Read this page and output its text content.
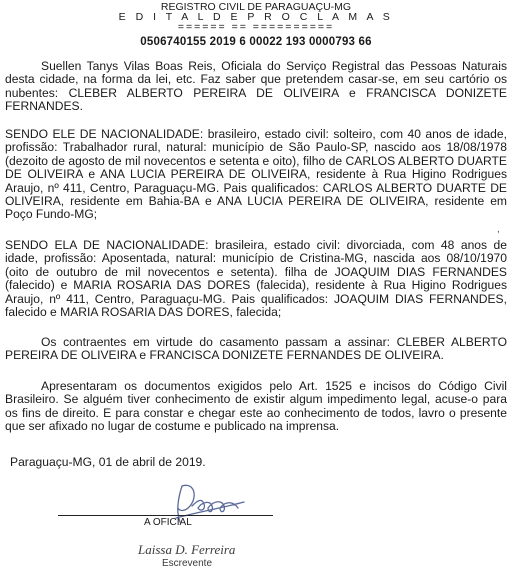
REGISTRO CIVIL DE PARAGUAÇU-MG
E D I T A L D E P R O C L A M A S
====== == ==========
0506740155 2019 6 00022 193 0000793 66

Suellen Tanys Vilas Boas Reis, Oficiala do Serviço Registral das Pessoas Naturais desta cidade, na forma da lei, etc. Faz saber que pretendem casar-se, em seu cartório os nubentes: CLEBER ALBERTO PEREIRA DE OLIVEIRA e FRANCISCA DONIZETE FERNANDES.

SENDO ELE DE NACIONALIDADE: brasileiro, estado civil: solteiro, com 40 anos de idade, profissão: Trabalhador rural, natural: município de São Paulo-SP, nascido aos 18/08/1978 (dezoito de agosto de mil novecentos e setenta e oito), filho de CARLOS ALBERTO DUARTE DE OLIVEIRA e ANA LUCIA PEREIRA DE OLIVEIRA, residente à Rua Higino Rodrigues Araujo, nº 411, Centro, Paraguaçu-MG. Pais qualificados: CARLOS ALBERTO DUARTE DE OLIVEIRA, residente em Bahia-BA e ANA LUCIA PEREIRA DE OLIVEIRA, residente em Poço Fundo-MG;

,

SENDO ELA DE NACIONALIDADE: brasileira, estado civil: divorciada, com 48 anos de idade, profissão: Aposentada, natural: município de Cristina-MG, nascida aos 08/10/1970 (oito de outubro de mil novecentos e setenta). filha de JOAQUIM DIAS FERNANDES (falecido) e MARIA ROSARIA DAS DORES (falecida), residente à Rua Higino Rodrigues Araujo, nº 411, Centro, Paraguaçu-MG. Pais qualificados: JOAQUIM DIAS FERNANDES, falecido e MARIA ROSARIA DAS DORES, falecida;

Os contraentes em virtude do casamento passam a assinar: CLEBER ALBERTO PEREIRA DE OLIVEIRA e FRANCISCA DONIZETE FERNANDES DE OLIVEIRA.

Apresentaram os documentos exigidos pelo Art. 1525 e incisos do Código Civil Brasileiro. Se alguém tiver conhecimento de existir algum impedimento legal, acuse-o para os fins de direito. E para constar e chegar este ao conhecimento de todos, lavro o presente que ser afixado no lugar de costume e publicado na imprensa.

Paraguaçu-MG, 01 de abril de 2019.
A OFICIAL
Laissa D. Ferreira
Escrevente
